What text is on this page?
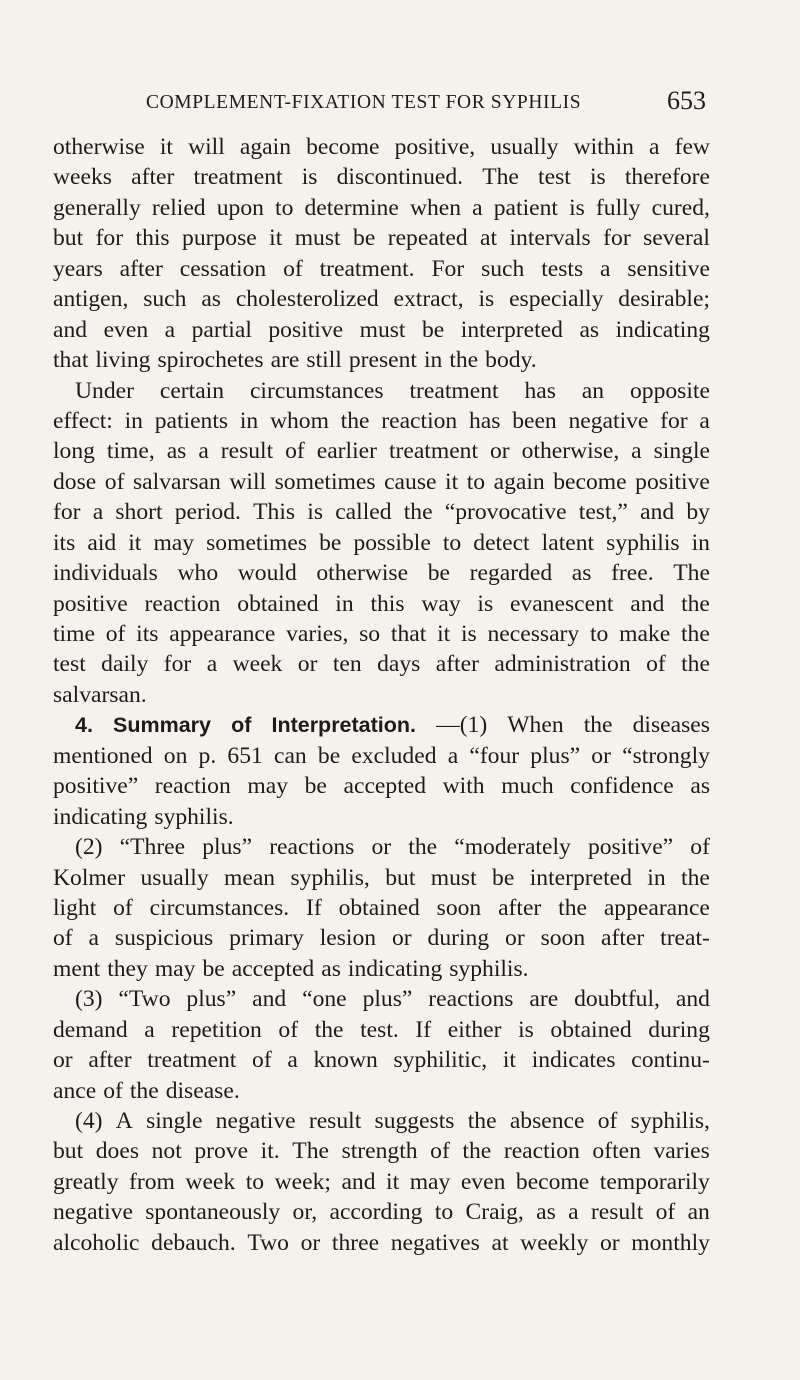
COMPLEMENT-FIXATION TEST FOR SYPHILIS	653
otherwise it will again become positive, usually within a few
weeks after treatment is discontinued. The test is therefore
generally relied upon to determine when a patient is fully cured,
but for this purpose it must be repeated at intervals for several
years after cessation of treatment. For such tests a sensitive
antigen, such as cholesterolized extract, is especially desirable;
and even a partial positive must be interpreted as indicating
that living spirochetes are still present in the body.
Under certain circumstances treatment has an opposite
effect: in patients in whom the reaction has been negative for a
long time, as a result of earlier treatment or otherwise, a single
dose of salvarsan will sometimes cause it to again become positive
for a short period. This is called the “provocative test,” and by
its aid it may sometimes be possible to detect latent syphilis in
individuals who would otherwise be regarded as free. The
positive reaction obtained in this way is evanescent and the
time of its appearance varies, so that it is necessary to make the
test daily for a week or ten days after administration of the
salvarsan.
4. Summary of Interpretation. —(1) When the diseases
mentioned on p. 651 can be excluded a “four plus” or “strongly
positive” reaction may be accepted with much confidence as
indicating syphilis.
(2) “Three plus” reactions or the “moderately positive” of
Kolmer usually mean syphilis, but must be interpreted in the
light of circumstances. If obtained soon after the appearance
of a suspicious primary lesion or during or soon after treat-
ment they may be accepted as indicating syphilis.
(3) “Two plus” and “one plus” reactions are doubtful, and
demand a repetition of the test. If either is obtained during
or after treatment of a known syphilitic, it indicates continu-
ance of the disease.
(4) A single negative result suggests the absence of syphilis,
but does not prove it. The strength of the reaction often varies
greatly from week to week; and it may even become temporarily
negative spontaneously or, according to Craig, as a result of an
alcoholic debauch. Two or three negatives at weekly or monthly
